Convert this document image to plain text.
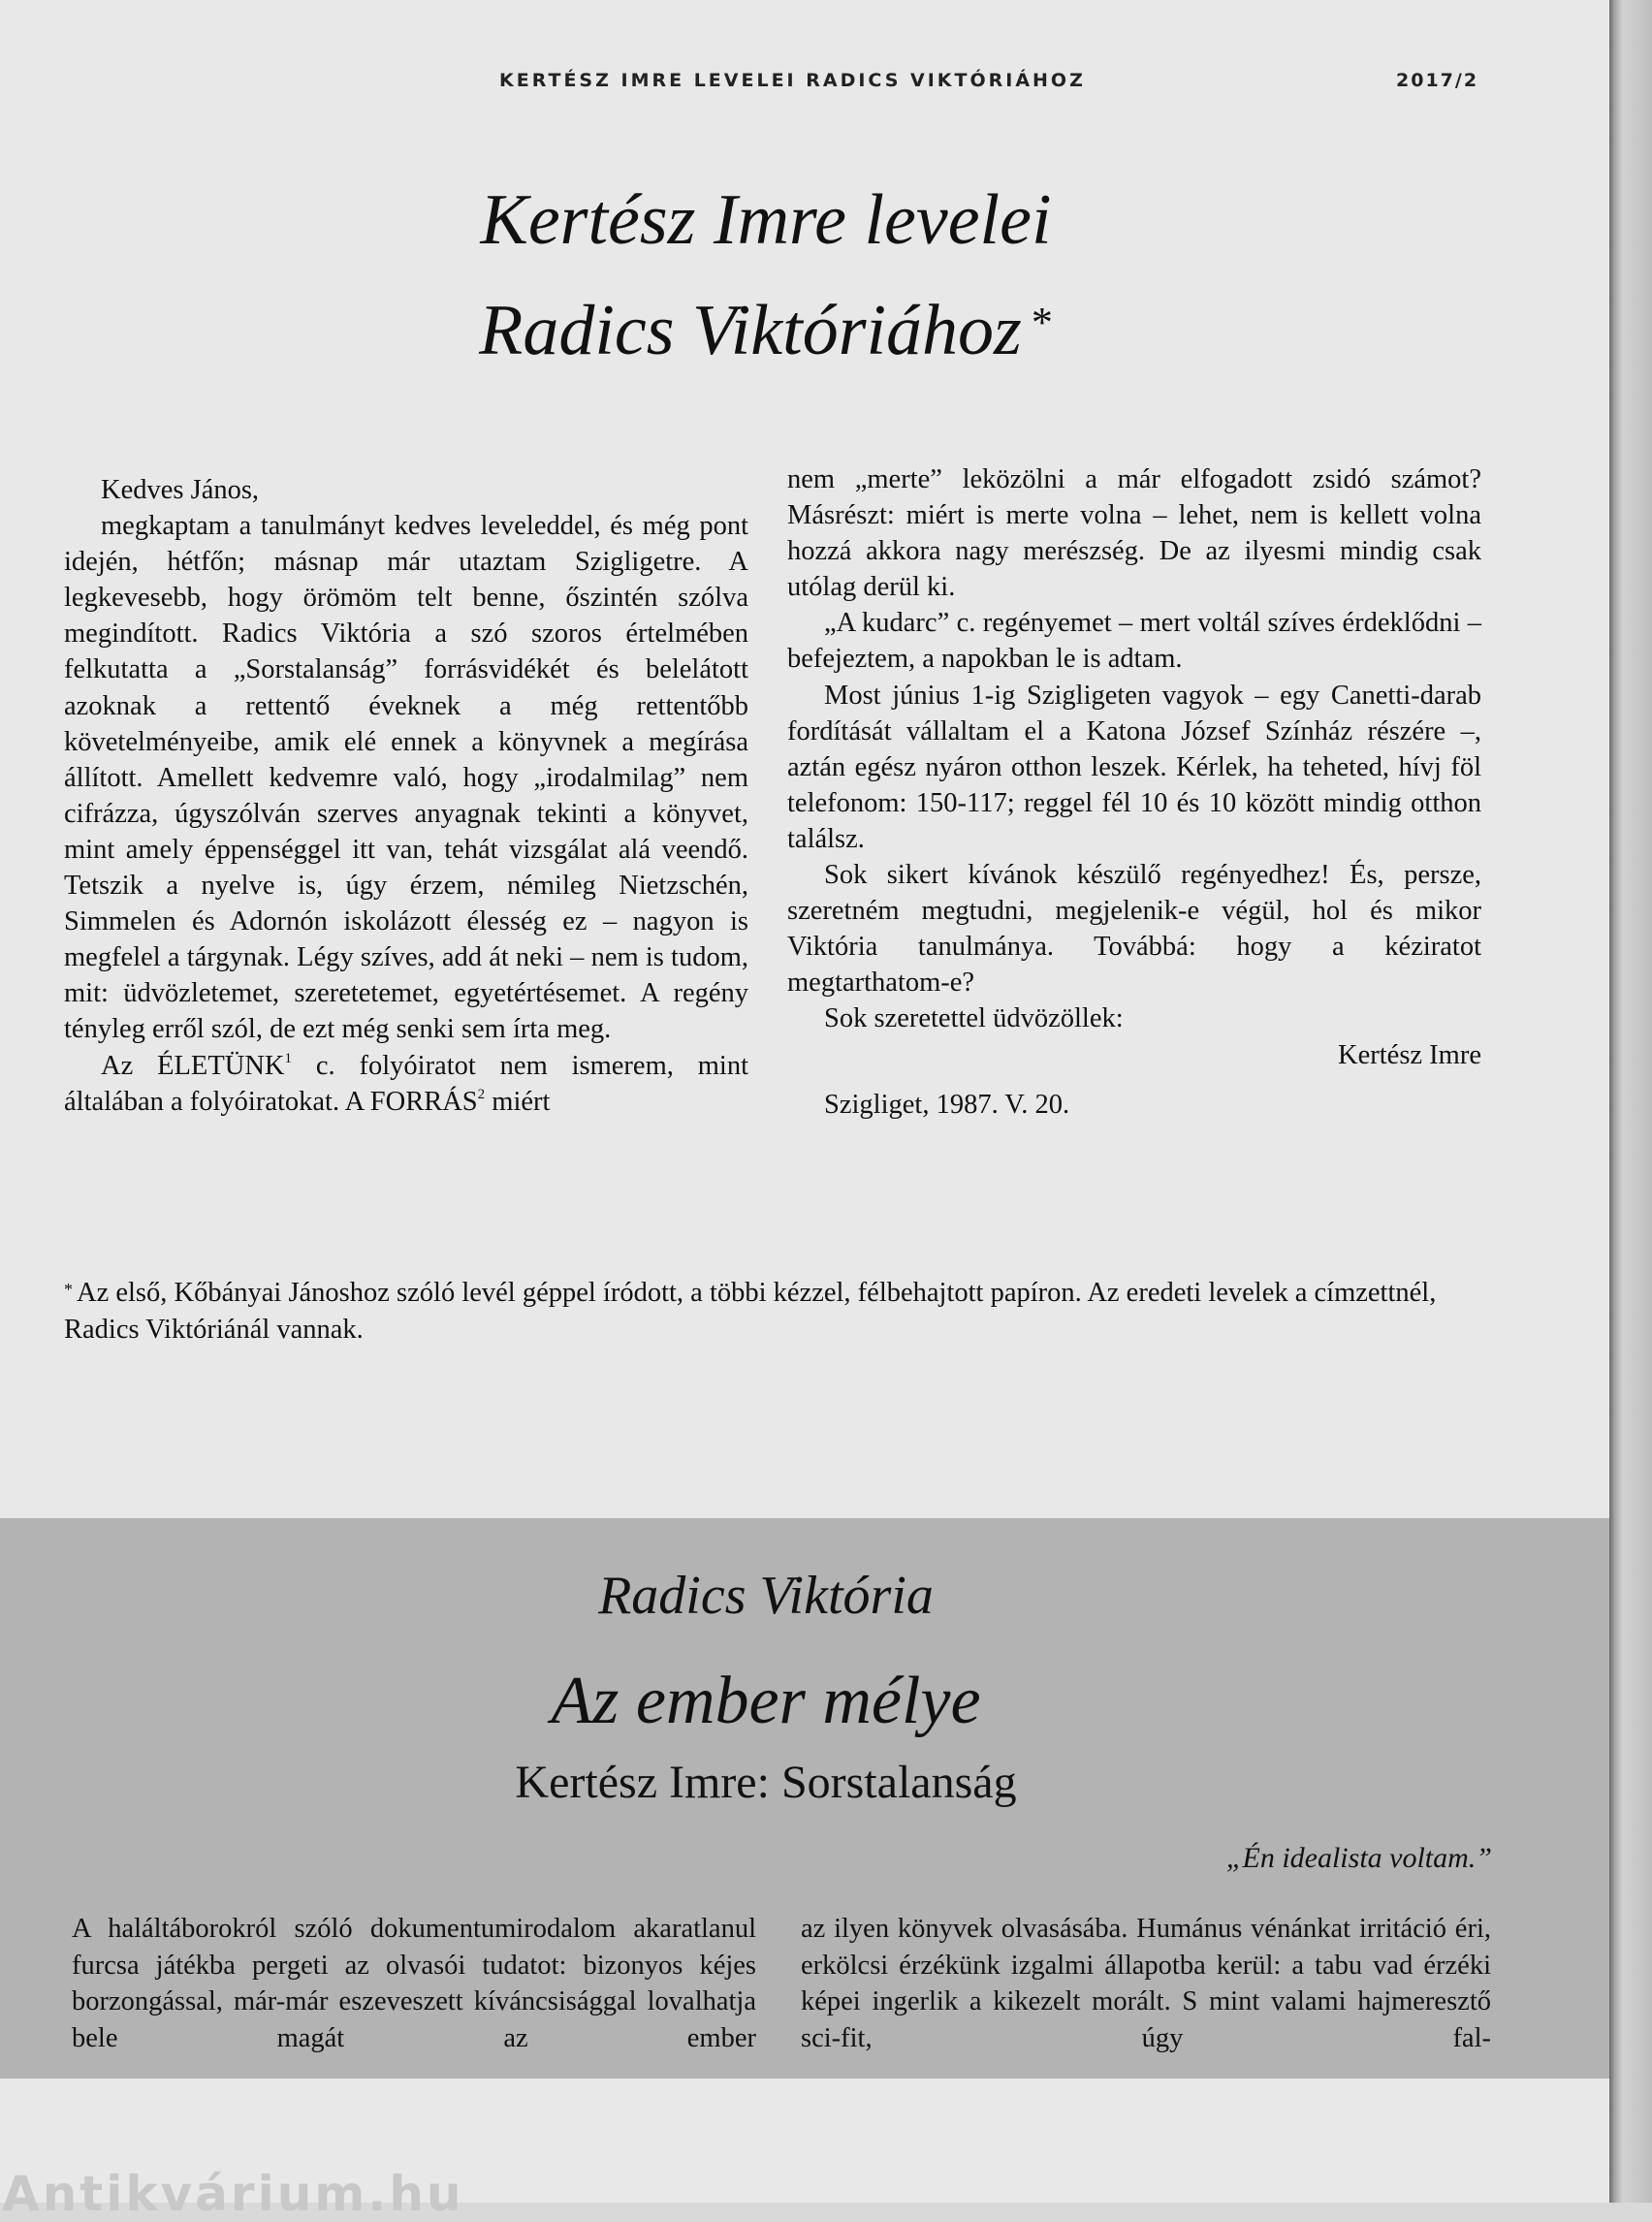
KERTÉSZ IMRE LEVELEI RADICS VIKTÓRIÁHOZ	2017/2
Kertész Imre levelei
Radics Viktóriához *

Kedves János,

megkaptam a tanulmányt kedves leveleddel, és még pont idején, hétfőn; másnap már utaztam Szigligetre. A legkevesebb, hogy örömöm telt benne, őszintén szólva megindított. Radics Viktória a szó szoros értelmében felkutatta a „Sorstalanság” forrásvidékét és belelátott azoknak a rettentő éveknek a még rettentőbb követelményeibe, amik elé ennek a könyvnek a megírása állított. Amellett kedvemre való, hogy „irodalmilag” nem cifrázza, úgyszólván szerves anyagnak tekinti a könyvet, mint amely éppenséggel itt van, tehát vizsgálat alá veendő. Tetszik a nyelve is, úgy érzem, némileg Nietzschén, Simmelen és Adornón iskolázott élesség ez – nagyon is megfelel a tárgynak. Légy szíves, add át neki – nem is tudom, mit: üdvözletemet, szeretetemet, egyetértésemet. A regény tényleg erről szól, de ezt még senki sem írta meg.

Az ÉLETÜNK$^1$ c. folyóiratot nem ismerem, mint általában a folyóiratokat. A FORRÁS$^2$ miért

nem „merte” leközölni a már elfogadott zsidó számot? Másrészt: miért is merte volna – lehet, nem is kellett volna hozzá akkora nagy merészség. De az ilyesmi mindig csak utólag derül ki.

„A kudarc” c. regényemet – mert voltál szíves érdeklődni – befejeztem, a napokban le is adtam.

Most június 1-ig Szigligeten vagyok – egy Canetti-darab fordítását vállaltam el a Katona József Színház részére –, aztán egész nyáron otthon leszek. Kérlek, ha teheted, hívj föl telefonom: 150-117; reggel fél 10 és 10 között mindig otthon találsz.

Sok sikert kívánok készülő regényedhez! És, persze, szeretném megtudni, megjelenik-e végül, hol és mikor Viktória tanulmánya. Továbbá: hogy a kéziratot megtarthatom-e?

Sok szeretettel üdvözöllek:

Kertész Imre

Szigliget, 1987. V. 20.

* Az első, Kőbányai Jánoshoz szóló levél géppel íródott, a többi kézzel, félbehajtott papíron. Az eredeti levelek a címzettnél, Radics Viktóriánál vannak.
Radics Viktória
Az ember mélye
Kertész Imre: Sorstalanság
„Én idealista voltam.”
A haláltáborokról szóló dokumentumirodalom akaratlanul furcsa játékba pergeti az olvasói tudatot: bizonyos kéjes borzongással, már-már eszeveszett kíváncsisággal lovalhatja bele magát az ember
az ilyen könyvek olvasásába. Humánus vénánkat irritáció éri, erkölcsi érzékünk izgalmi állapotba kerül: a tabu vad érzéki képei ingerlik a kikezelt morált. S mint valami hajmeresztő sci-fit, úgy fal-
Antikvárium.hu
